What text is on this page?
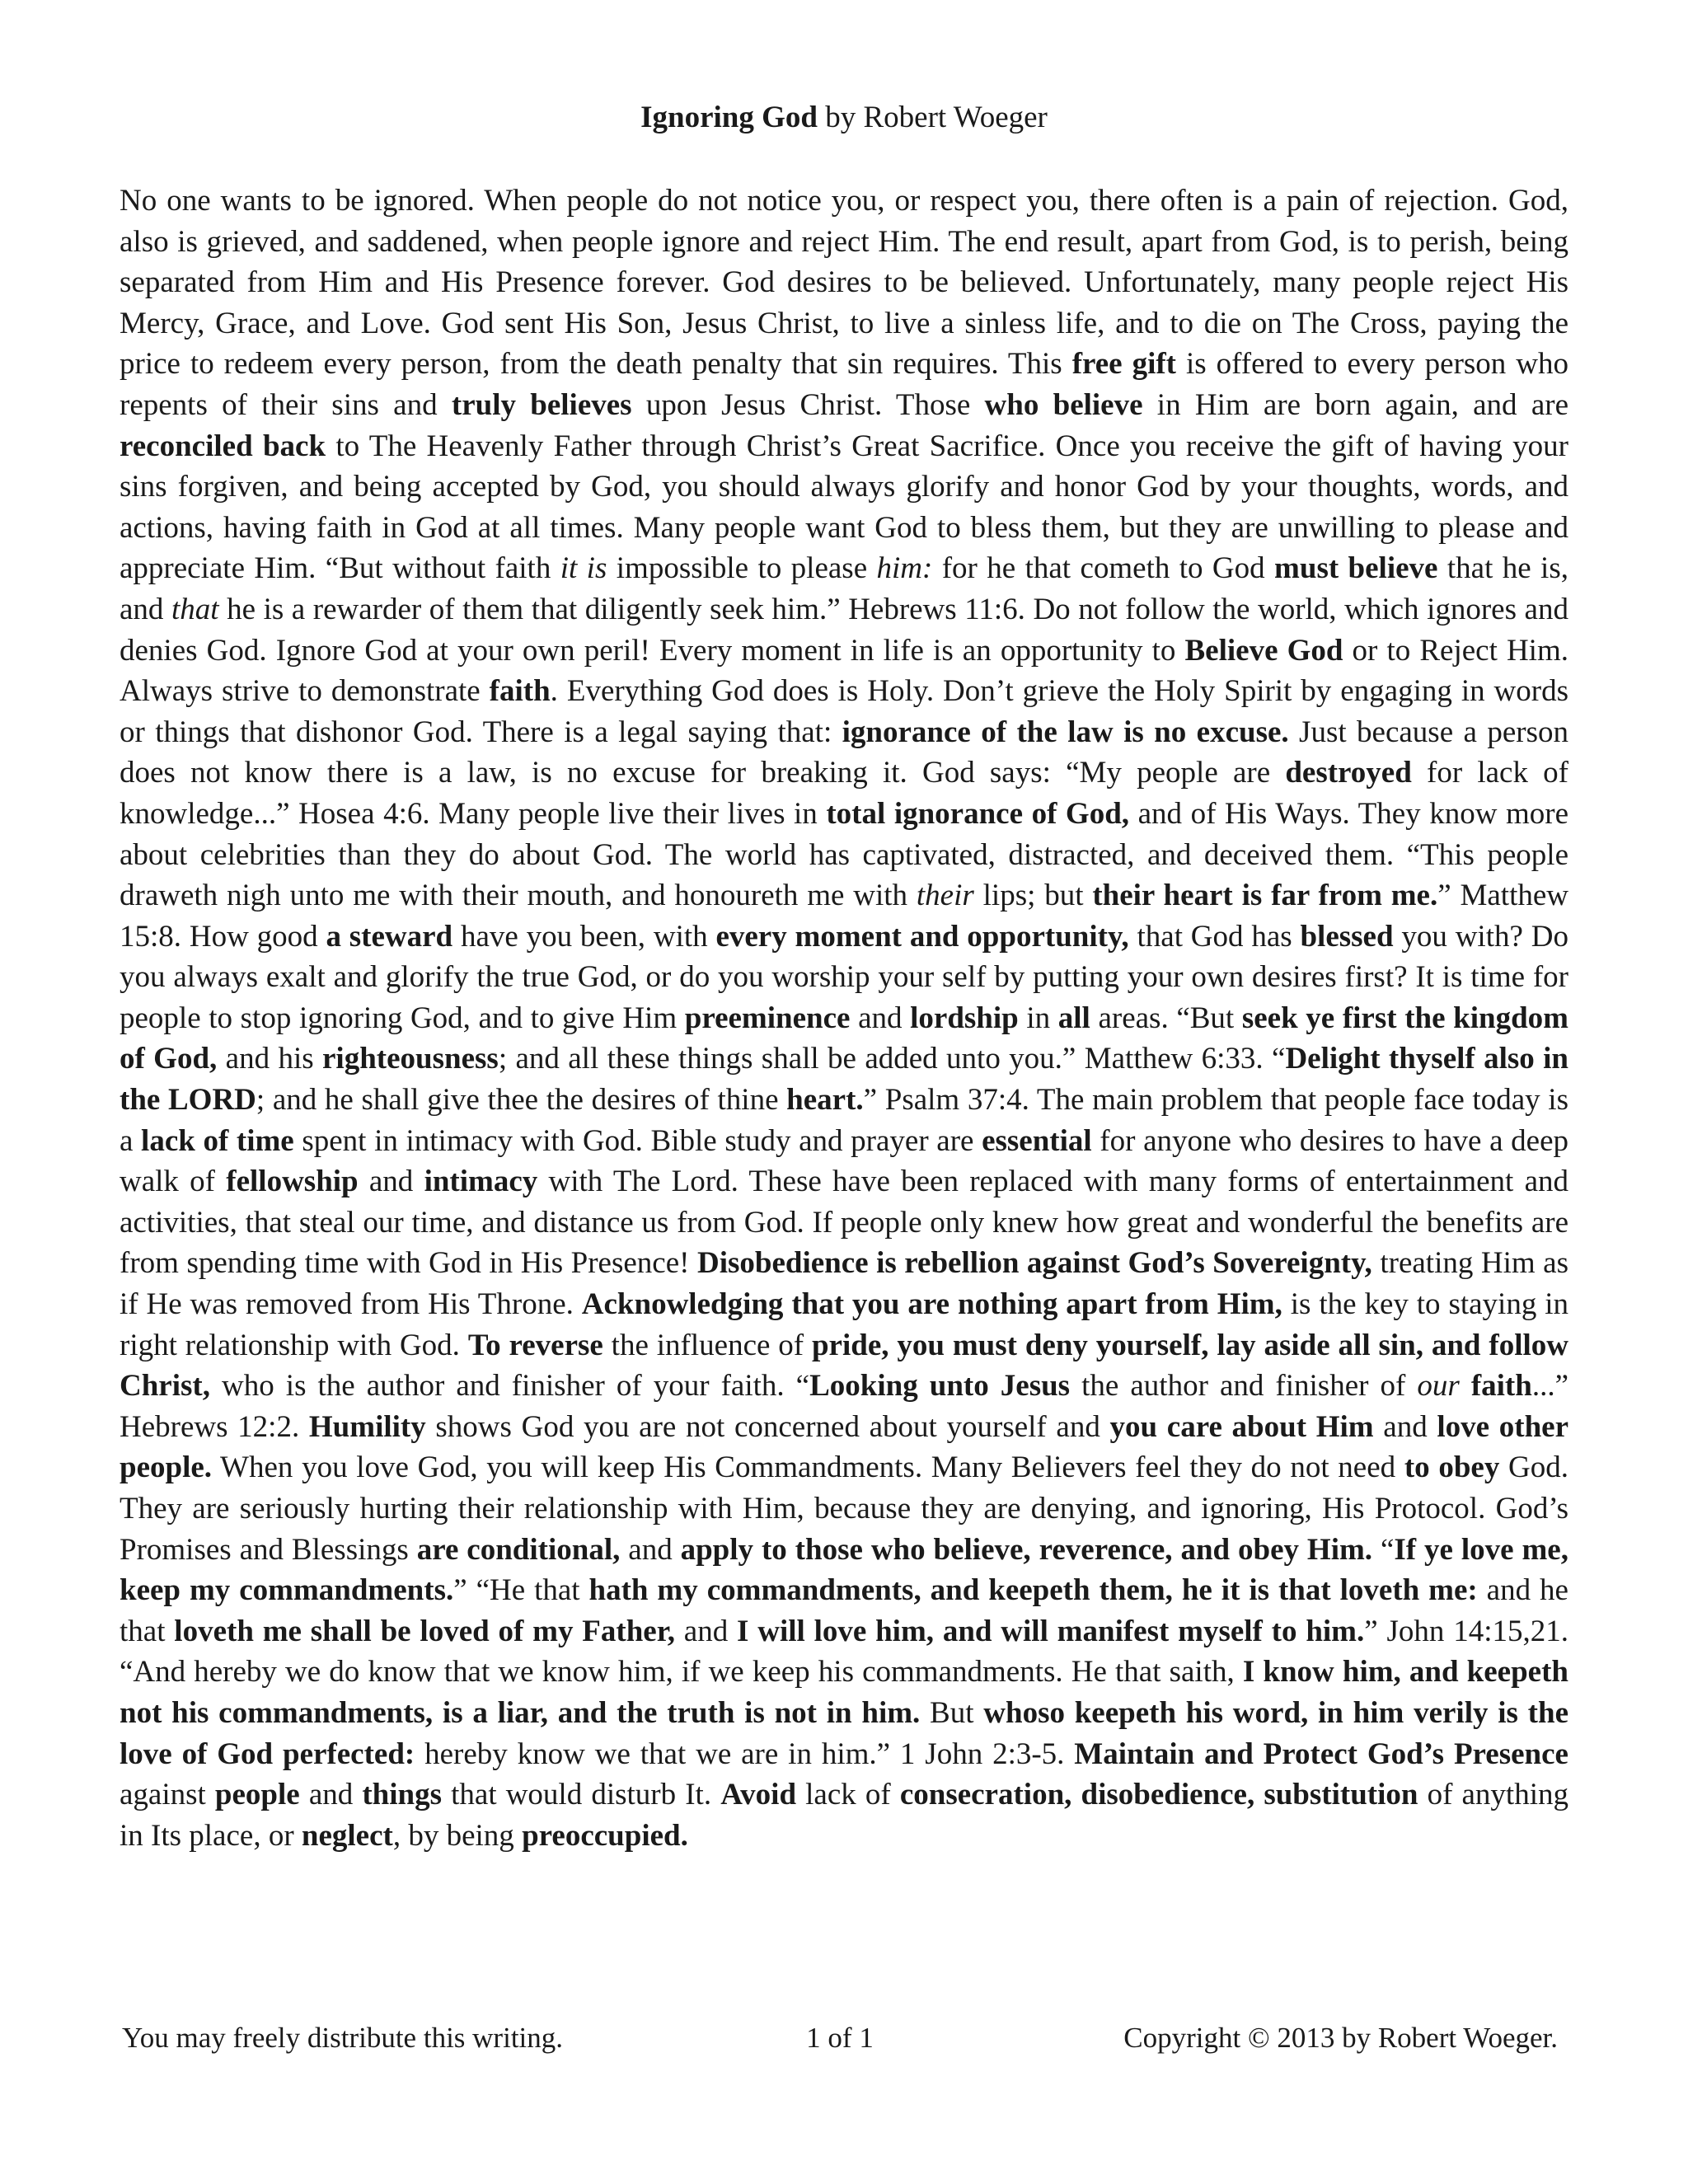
Ignoring God by Robert Woeger
No one wants to be ignored. When people do not notice you, or respect you, there often is a pain of rejection. God, also is grieved, and saddened, when people ignore and reject Him. The end result, apart from God, is to perish, being separated from Him and His Presence forever. God desires to be believed. Unfortunately, many people reject His Mercy, Grace, and Love. God sent His Son, Jesus Christ, to live a sinless life, and to die on The Cross, paying the price to redeem every person, from the death penalty that sin requires. This free gift is offered to every person who repents of their sins and truly believes upon Jesus Christ. Those who believe in Him are born again, and are reconciled back to The Heavenly Father through Christ’s Great Sacrifice. Once you receive the gift of having your sins forgiven, and being accepted by God, you should always glorify and honor God by your thoughts, words, and actions, having faith in God at all times. Many people want God to bless them, but they are unwilling to please and appreciate Him. “But without faith it is impossible to please him: for he that cometh to God must believe that he is, and that he is a rewarder of them that diligently seek him.” Hebrews 11:6. Do not follow the world, which ignores and denies God. Ignore God at your own peril! Every moment in life is an opportunity to Believe God or to Reject Him. Always strive to demonstrate faith. Everything God does is Holy. Don’t grieve the Holy Spirit by engaging in words or things that dishonor God. There is a legal saying that: ignorance of the law is no excuse. Just because a person does not know there is a law, is no excuse for breaking it. God says: “My people are destroyed for lack of knowledge...” Hosea 4:6. Many people live their lives in total ignorance of God, and of His Ways. They know more about celebrities than they do about God. The world has captivated, distracted, and deceived them. “This people draweth nigh unto me with their mouth, and honoureth me with their lips; but their heart is far from me.” Matthew 15:8. How good a steward have you been, with every moment and opportunity, that God has blessed you with? Do you always exalt and glorify the true God, or do you worship your self by putting your own desires first? It is time for people to stop ignoring God, and to give Him preeminence and lordship in all areas. “But seek ye first the kingdom of God, and his righteousness; and all these things shall be added unto you.” Matthew 6:33. “Delight thyself also in the LORD; and he shall give thee the desires of thine heart.” Psalm 37:4. The main problem that people face today is a lack of time spent in intimacy with God. Bible study and prayer are essential for anyone who desires to have a deep walk of fellowship and intimacy with The Lord. These have been replaced with many forms of entertainment and activities, that steal our time, and distance us from God. If people only knew how great and wonderful the benefits are from spending time with God in His Presence! Disobedience is rebellion against God’s Sovereignty, treating Him as if He was removed from His Throne. Acknowledging that you are nothing apart from Him, is the key to staying in right relationship with God. To reverse the influence of pride, you must deny yourself, lay aside all sin, and follow Christ, who is the author and finisher of your faith. “Looking unto Jesus the author and finisher of our faith...” Hebrews 12:2. Humility shows God you are not concerned about yourself and you care about Him and love other people. When you love God, you will keep His Commandments. Many Believers feel they do not need to obey God. They are seriously hurting their relationship with Him, because they are denying, and ignoring, His Protocol. God’s Promises and Blessings are conditional, and apply to those who believe, reverence, and obey Him. “If ye love me, keep my commandments.” “He that hath my commandments, and keepeth them, he it is that loveth me: and he that loveth me shall be loved of my Father, and I will love him, and will manifest myself to him.” John 14:15,21. “And hereby we do know that we know him, if we keep his commandments. He that saith, I know him, and keepeth not his commandments, is a liar, and the truth is not in him. But whoso keepeth his word, in him verily is the love of God perfected: hereby know we that we are in him.” 1 John 2:3-5. Maintain and Protect God’s Presence against people and things that would disturb It. Avoid lack of consecration, disobedience, substitution of anything in Its place, or neglect, by being preoccupied.
You may freely distribute this writing.	1 of 1	Copyright © 2013 by Robert Woeger.
